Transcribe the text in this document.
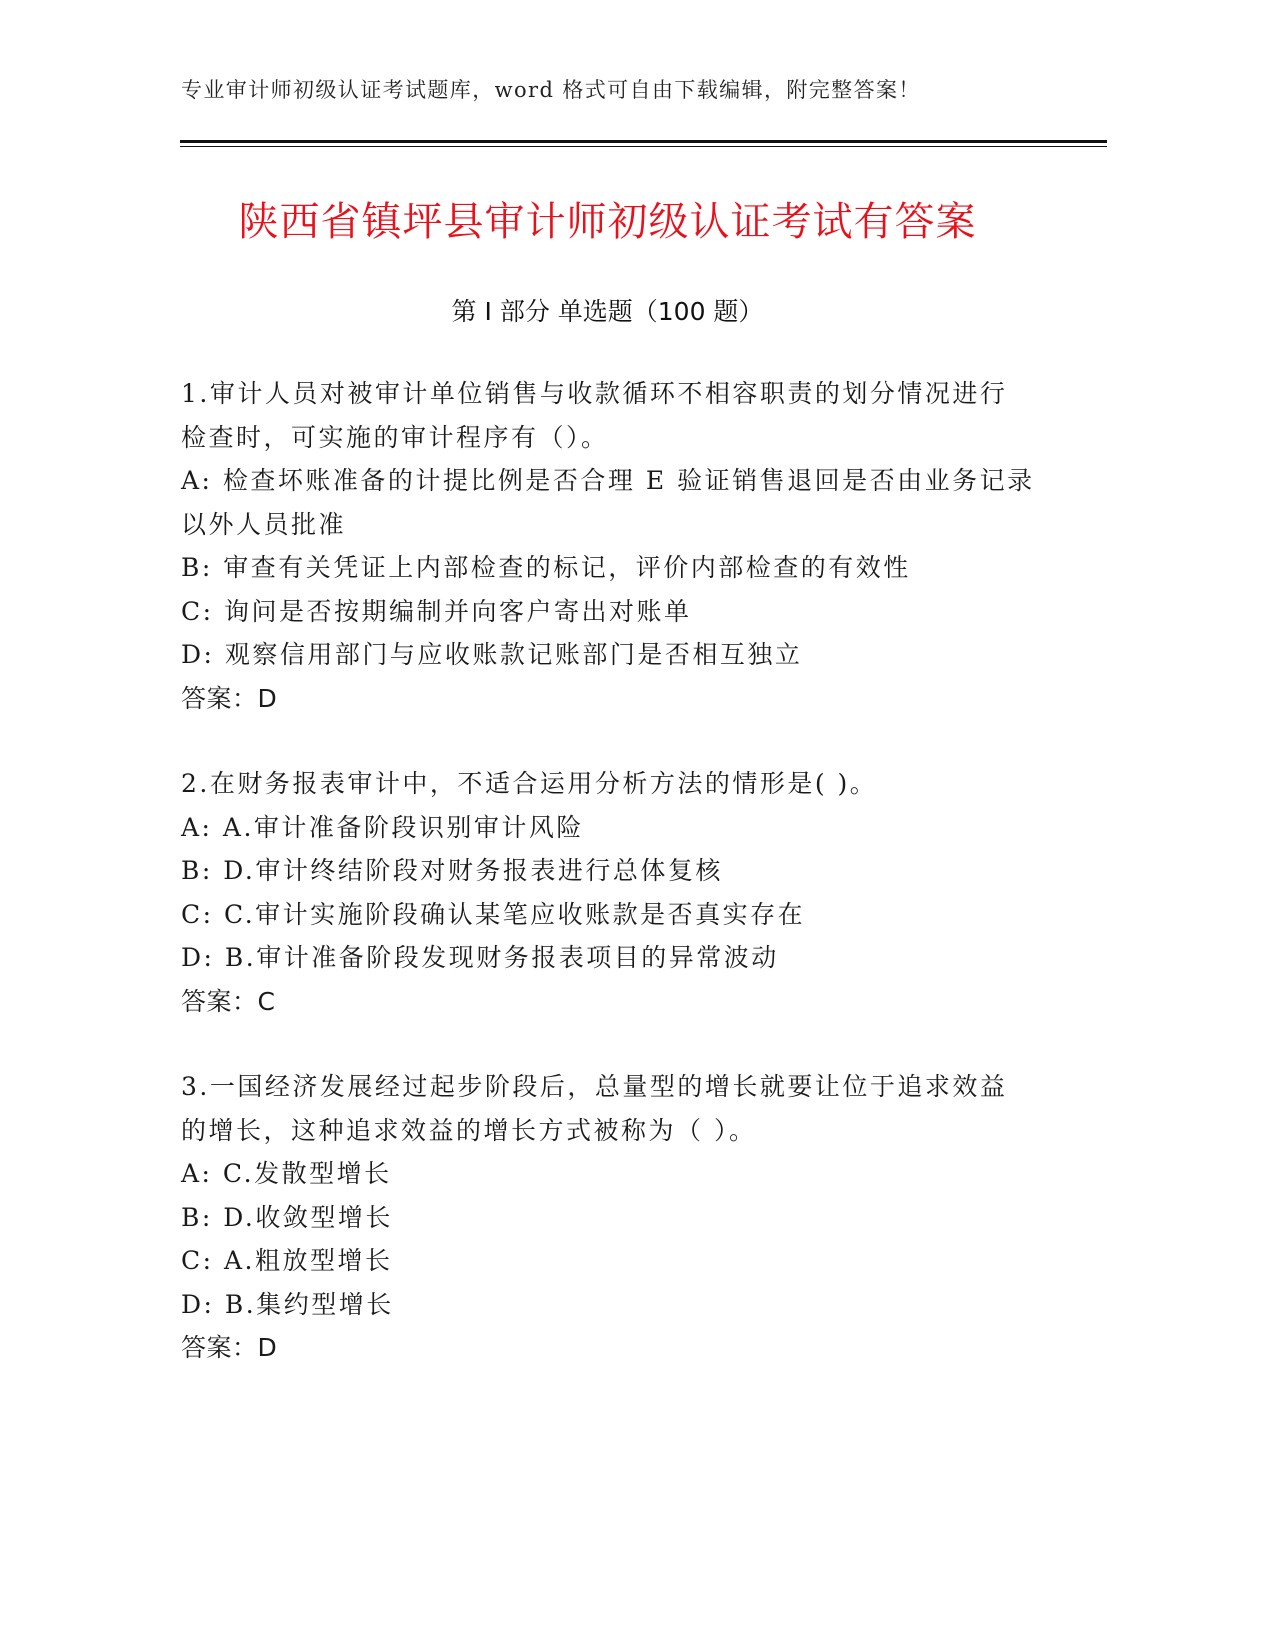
专业审计师初级认证考试题库，word 格式可自由下载编辑，附完整答案！
陕西省镇坪县审计师初级认证考试有答案
第 I 部分 单选题（100 题）
1.审计人员对被审计单位销售与收款循环不相容职责的划分情况进行
检查时，可实施的审计程序有（）。
A: 检查坏账准备的计提比例是否合理 E 验证销售退回是否由业务记录
以外人员批准
B: 审查有关凭证上内部检查的标记，评价内部检查的有效性
C: 询问是否按期编制并向客户寄出对账单
D: 观察信用部门与应收账款记账部门是否相互独立
答案：D
2.在财务报表审计中，不适合运用分析方法的情形是( )。
A: A.审计准备阶段识别审计风险
B: D.审计终结阶段对财务报表进行总体复核
C: C.审计实施阶段确认某笔应收账款是否真实存在
D: B.审计准备阶段发现财务报表项目的异常波动
答案：C
3.一国经济发展经过起步阶段后，总量型的增长就要让位于追求效益
的增长，这种追求效益的增长方式被称为（ ）。
A: C.发散型增长
B: D.收敛型增长
C: A.粗放型增长
D: B.集约型增长
答案：D
